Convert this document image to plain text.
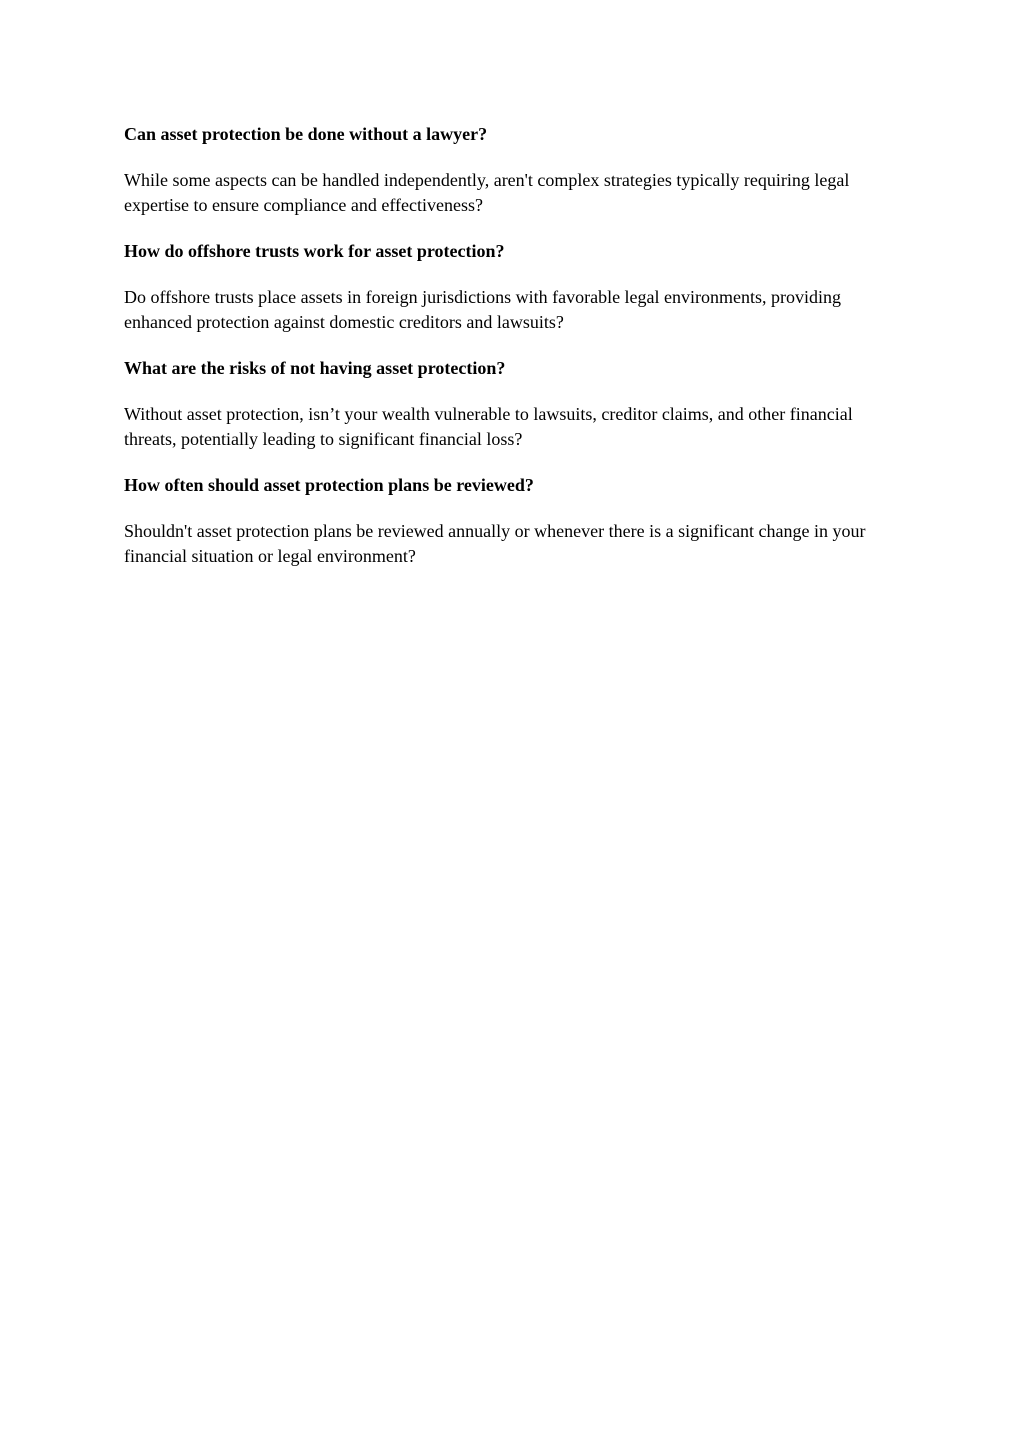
Can asset protection be done without a lawyer?

While some aspects can be handled independently, aren't complex strategies typically requiring legal expertise to ensure compliance and effectiveness?

How do offshore trusts work for asset protection?

Do offshore trusts place assets in foreign jurisdictions with favorable legal environments, providing enhanced protection against domestic creditors and lawsuits?

What are the risks of not having asset protection?

Without asset protection, isn’t your wealth vulnerable to lawsuits, creditor claims, and other financial threats, potentially leading to significant financial loss?

How often should asset protection plans be reviewed?

Shouldn't asset protection plans be reviewed annually or whenever there is a significant change in your financial situation or legal environment?
